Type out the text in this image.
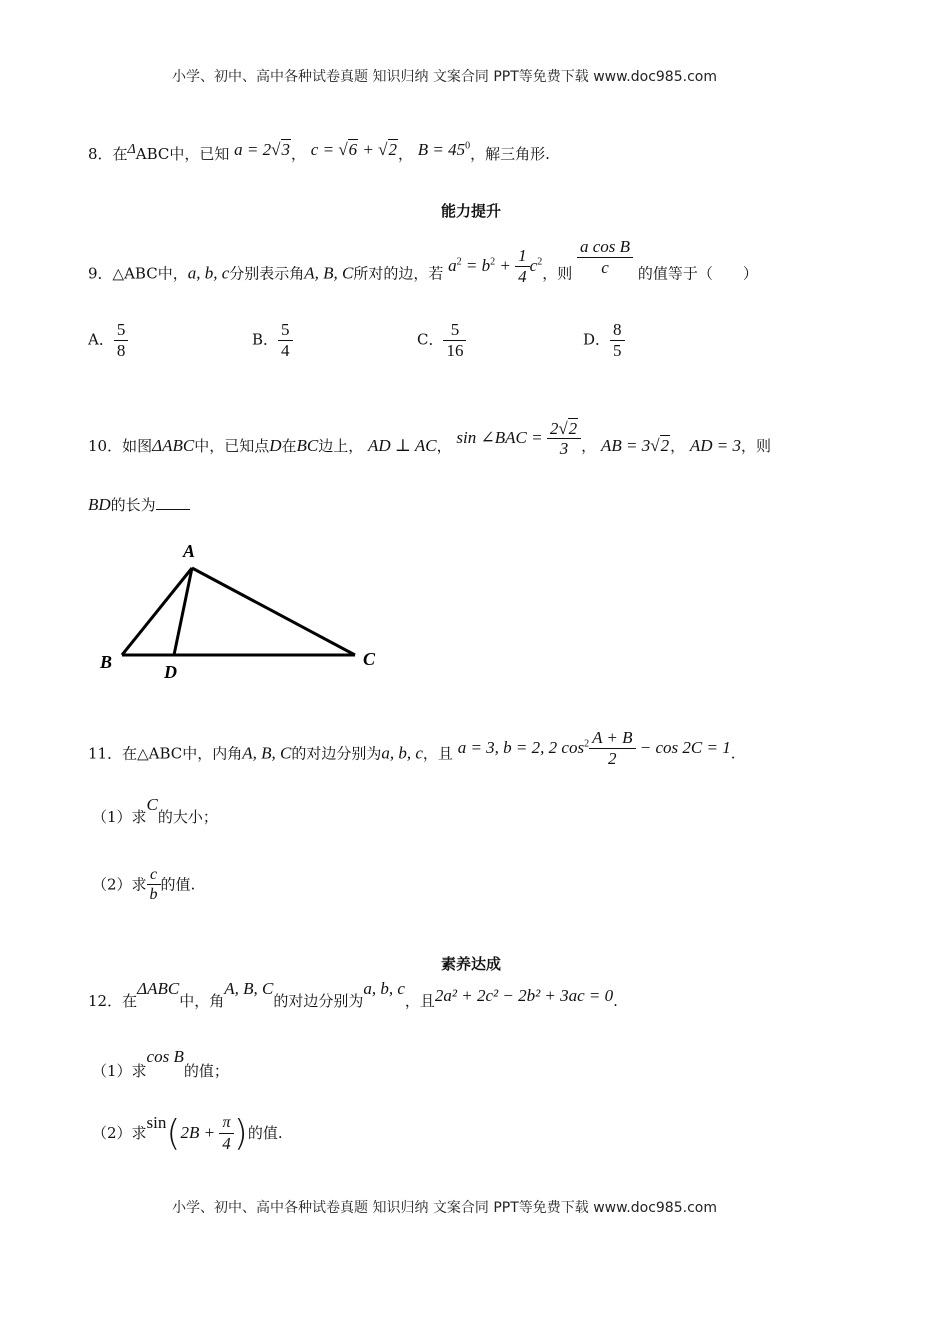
小学、初中、高中各种试卷真题 知识归纳 文案合同 PPT等免费下载 www.doc985.com
8．在ΔABC中，已知 a = 2√3， c = √6 + √2， $B = 45^0$，解三角形.
能力提升
9．△ABC中，a, b, c分别表示角A, B, C所对的边，若 $a^2 = b^2 + \frac{1}{4} c^2$，则 $\frac{\text{a cos B}}{c}$ 的值等于（　　）
A． $\frac{5}{8}$	B． $\frac{5}{4}$	C． $\frac{5}{16}$	D． $\frac{8}{5}$
10．如图ΔABC中，已知点D在BC边上， AD ⊥ AC， sin ∠BAC = $\frac{2√2}{3}$ ， AB = 3√2， AD = 3，则
BD的长为
A
B	C
D
11．在△ABC中，内角A, B, C的对边分别为a, b, c，且 a = 3, b = 2, 2 $\cos^2 \frac{A + B}{2} - \cos 2C = 1$.
（1）求C的大小；
（2）求 $\frac{c}{b}$ 的值.
素养达成
12．在ΔABC中，角A, B, C的对边分别为a, b, c，且2a² + 2c² − 2b² + 3ac = 0.
（1）求cos B的值；
（2）求$\sin(2B + \frac{\pi}{4}$ )的值.
小学、初中、高中各种试卷真题 知识归纳 文案合同 PPT等免费下载 www.doc985.com
